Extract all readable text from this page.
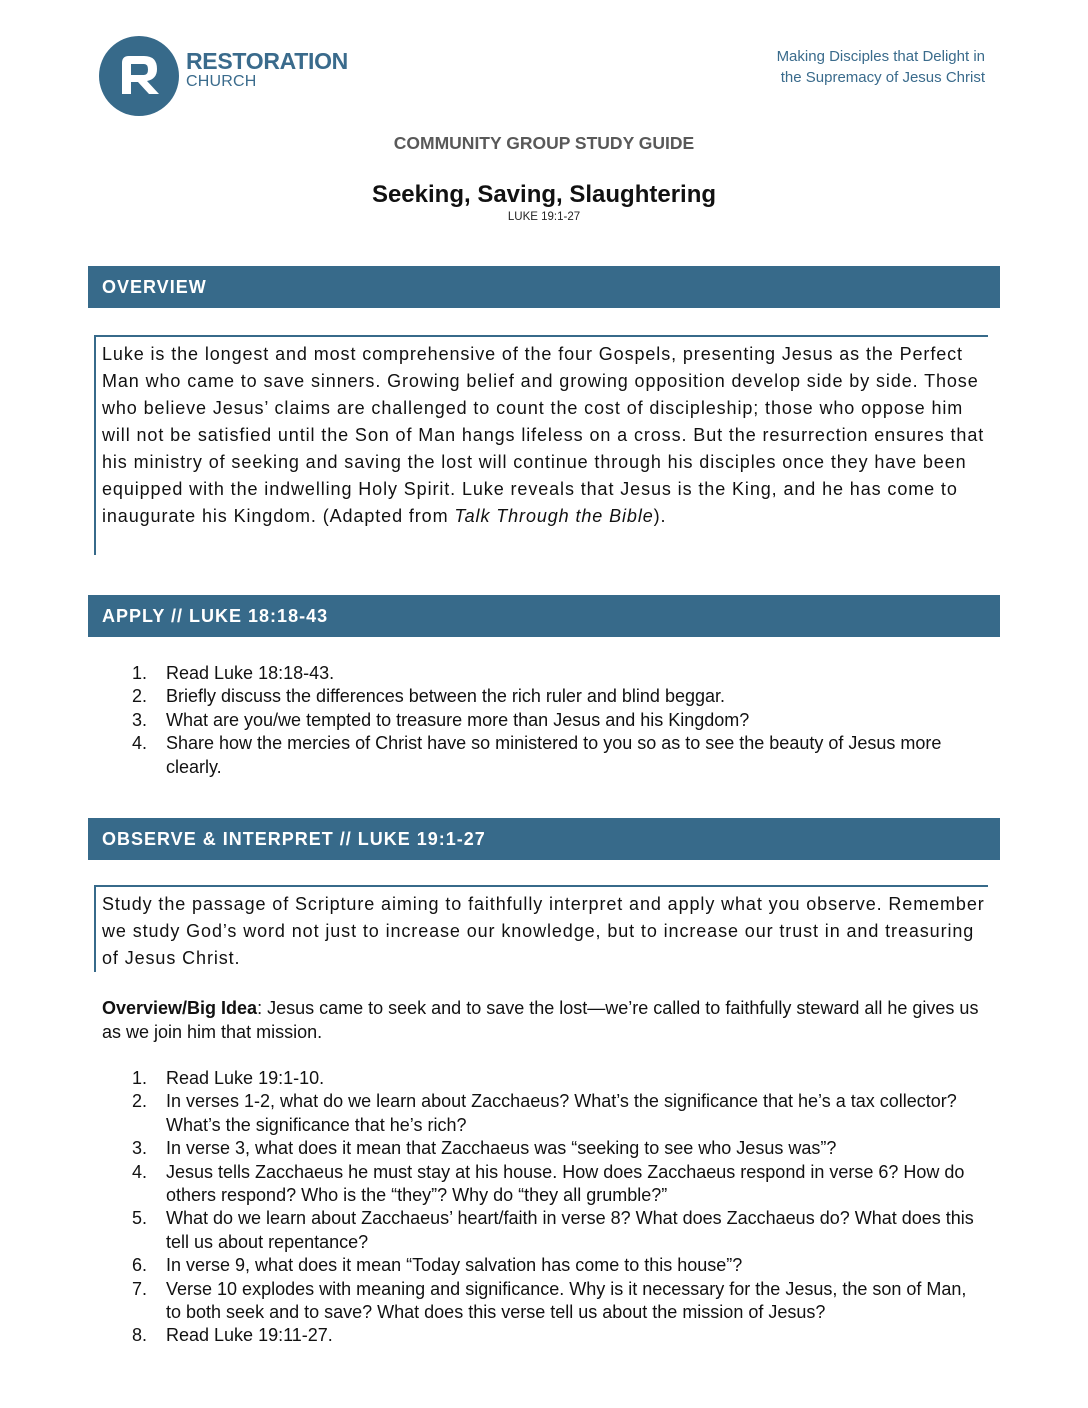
RESTORATION
CHURCH
Making Disciples that Delight in
the Supremacy of Jesus Christ
COMMUNITY GROUP STUDY GUIDE
Seeking, Saving, Slaughtering
LUKE 19:1-27
OVERVIEW
Luke is the longest and most comprehensive of the four Gospels, presenting Jesus as the Perfect Man who came to save sinners. Growing belief and growing opposition develop side by side. Those who believe Jesus’ claims are challenged to count the cost of discipleship; those who oppose him will not be satisfied until the Son of Man hangs lifeless on a cross. But the resurrection ensures that his ministry of seeking and saving the lost will continue through his disciples once they have been equipped with the indwelling Holy Spirit. Luke reveals that Jesus is the King, and he has come to inaugurate his Kingdom. (Adapted from Talk Through the Bible).
APPLY // LUKE 18:18-43
1. Read Luke 18:18-43.
2. Briefly discuss the differences between the rich ruler and blind beggar.
3. What are you/we tempted to treasure more than Jesus and his Kingdom?
4. Share how the mercies of Christ have so ministered to you so as to see the beauty of Jesus more clearly.
OBSERVE & INTERPRET // LUKE 19:1-27
Study the passage of Scripture aiming to faithfully interpret and apply what you observe. Remember we study God’s word not just to increase our knowledge, but to increase our trust in and treasuring of Jesus Christ.
Overview/Big Idea: Jesus came to seek and to save the lost—we’re called to faithfully steward all he gives us as we join him that mission.
1. Read Luke 19:1-10.
2. In verses 1-2, what do we learn about Zacchaeus? What’s the significance that he’s a tax collector? What’s the significance that he’s rich?
3. In verse 3, what does it mean that Zacchaeus was “seeking to see who Jesus was”?
4. Jesus tells Zacchaeus he must stay at his house. How does Zacchaeus respond in verse 6? How do others respond? Who is the “they”? Why do “they all grumble?”
5. What do we learn about Zacchaeus’ heart/faith in verse 8? What does Zacchaeus do? What does this tell us about repentance?
6. In verse 9, what does it mean “Today salvation has come to this house”?
7. Verse 10 explodes with meaning and significance. Why is it necessary for the Jesus, the son of Man, to both seek and to save? What does this verse tell us about the mission of Jesus?
8. Read Luke 19:11-27.
